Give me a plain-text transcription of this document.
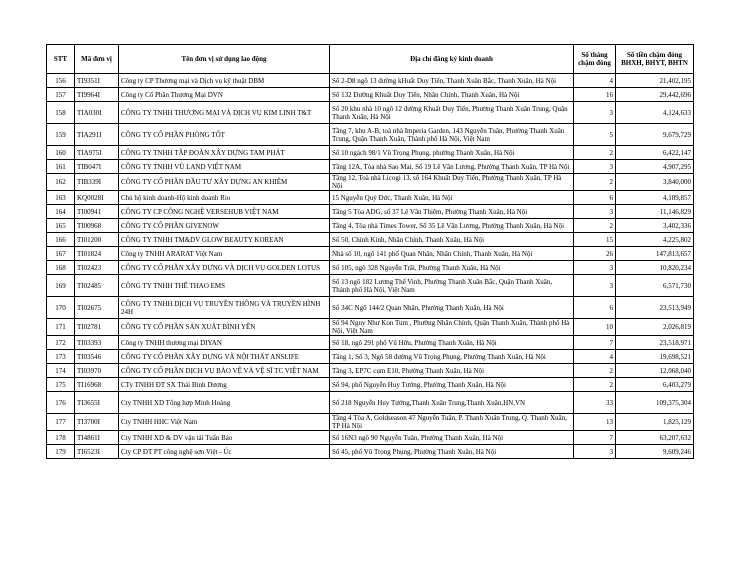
STT	Mã đơn vị	Tên đơn vị sử dụng lao động	Địa chỉ đăng ký kinh doanh	Số tháng chậm đóng	Số tiền chậm đóng BHXH, BHYT, BHTN
156	TI9351I	Công ty CP Thương mại và Dịch vụ kỹ thuật DBM	Số 2-D8 ngõ 13 đường kHuất Duy Tiến, Thanh Xuân Bắc, Thanh Xuân, Hà Nội	4	21,402,195
157	TI9964I	Công ty Cổ Phần Thương Mại DVN	Số 132 Đường Khuất Duy Tiến, Nhân Chính, Thanh Xuân, Hà Nội	16	29,442,696
158	TIA030I	CÔNG TY TNHH THƯƠNG MẠI VÀ DỊCH VỤ KIM LINH T&T	Số 20 khu nhà 10 ngõ 12 đường Khuất Duy Tiến, Phường Thanh Xuân Trung, Quận Thanh Xuân, Hà Nội	3	4,124,633
159	TIA291I	CÔNG TY CỔ PHẦN PHÒNG TỐT	Tầng 7, khu A-B, toà nhà Imperia Garden, 143 Nguyễn Tuân, Phường Thanh Xuân Trung, Quận Thanh Xuân, Thành phố Hà Nội, Việt Nam	5	9,679,729
160	TIA975I	CÔNG TY TNHH TẬP ĐOÀN XÂY DỰNG TAM PHÁT	Số 10 ngách 98/1 Vũ Trọng Phụng, phường Thanh Xuân, Hà Nội	2	6,422,147
161	TIB047I	CÔNG TY TNHH VŨ LAND VIỆT NAM	Tầng 12A, Tòa nhà Sao Mai, Số 19 Lê Văn Lương, Phường Thanh Xuân, TP Hà Nội	3	4,907,295
162	TIB339I	CÔNG TY CỔ PHẦN ĐẦU TƯ XÂY DỰNG AN KHIÊM	Tầng 12, Toà nhà Licogi 13, số 164 Khuất Duy Tiến, Phường Thanh Xuân, TP Hà Nội	2	3,840,000
163	KQ0028I	Chủ hộ kinh doanh-Hộ kinh doanh Rio	15 Nguyễn Quý Đức, Thanh Xuân, Hà Nội	6	4,189,857
164	TI00941	CÔNG TY CP CÔNG NGHỆ VERSEHUB VIỆT NAM	Tầng 5 Tòa ADG, số 37 Lê Văn Thiêm, Phường Thanh Xuân, Hà Nội	3	11,146,829
165	TI00968	CÔNG TY CỔ PHẦN GIVENOW	Tầng 4, Tòa nhà Times Tower, Số 35 Lê Văn Lương, Phường Thanh Xuân, Hà Nội	2	3,402,336
166	TI01200	CÔNG TY TNHH TM&DV GLOW BEAUTY KOREAN	Số 50, Chính Kinh, Nhân Chính, Thanh Xuân, Hà Nội	15	4,225,802
167	TI01824	Công ty TNHH ARARAT Việt Nam	Nhà số 10, ngõ 141 phố Quan Nhân, Nhân Chính, Thanh Xuân, Hà Nội	26	147,813,657
168	TI02423	CÔNG TY CỔ PHẦN XÂY DỰNG VÀ DỊCH VỤ GOLDEN LOTUS	Số 105, ngõ 328 Nguyễn Trãi, Phường Thanh Xuân, Hà Nội	3	10,820,234
169	TI02485	CÔNG TY TNHH THỂ THAO EMS	Số 13 ngõ 182 Lương Thế Vinh, Phường Thanh Xuân Bắc, Quận Thanh Xuân, Thành phố Hà Nội, Việt Nam	3	6,571,730
170	TI02675	CÔNG TY TNHH DỊCH VỤ TRUYỀN THÔNG VÀ TRUYỀN HÌNH 24H	Số 34C Ngõ 144/2 Quan Nhân, Phường Thanh Xuân, Hà Nội	6	23,513,949
171	TI02781	CÔNG TY CỔ PHẦN SẢN XUẤT BÌNH YÊN	Số 94 Nguy Như Kon Tum , Phường Nhân Chính, Quận Thanh Xuân, Thành phố Hà Nội, Việt Nam	10	2,026,819
172	TI03393	Công ty TNHH thương mại DIYAN	Số 18, ngõ 291 phố Vũ Hữu, Phường Thanh Xuân, Hà Nội	7	23,518,971
173	TI03546	CÔNG TY CỔ PHẦN XÂY DỰNG VÀ NỘI THẤT ANSLIFE	Tầng 1, Số 3, Ngõ 58 đường Vũ Trọng Phụng, Phường Thanh Xuân, Hà Nội	4	19,698,521
174	TI03970	CÔNG TY CỔ PHẦN DỊCH VỤ BẢO VỆ VÀ VỆ SĨ TC VIỆT NAM	Tầng 3, EP7C cụm E10, Phường Thanh Xuân, Hà Nội	2	12,068,040
175	TI16968	CTy TNHH ĐT SX Thái Bình Dương	Số 94, phố Nguyễn Huy Tưởng, Phường Thanh Xuân, Hà Nội	2	6,403,279
176	TI3655I	Cty TNHH XD Tổng hợp Minh Hoàng	Số 218 Nguyễn Huy Tưởng,Thanh Xuân Trung,Thanh Xuân,HN,VN	33	109,375,304
177	TI3700I	Cty TNHH HHC Việt Nam	Tầng 4 Tòa A, Goldseason 47 Nguyễn Tuân, P. Thanh Xuân Trung, Q. Thanh Xuân, TP Hà Nội	13	1,825,129
178	TI4861I	Cty TNHH XD & DV vận tải Tuấn Bảo	Số 16N3 ngõ 90 Nguyễn Tuân, Phường Thanh Xuân, Hà Nội	7	63,207,632
179	TI6523I	Cty CP ĐT PT công nghệ sơn Việt - Úc	Số 45, phố Vũ Trọng Phụng, Phường Thanh Xuân, Hà Nội	3	9,609,246
